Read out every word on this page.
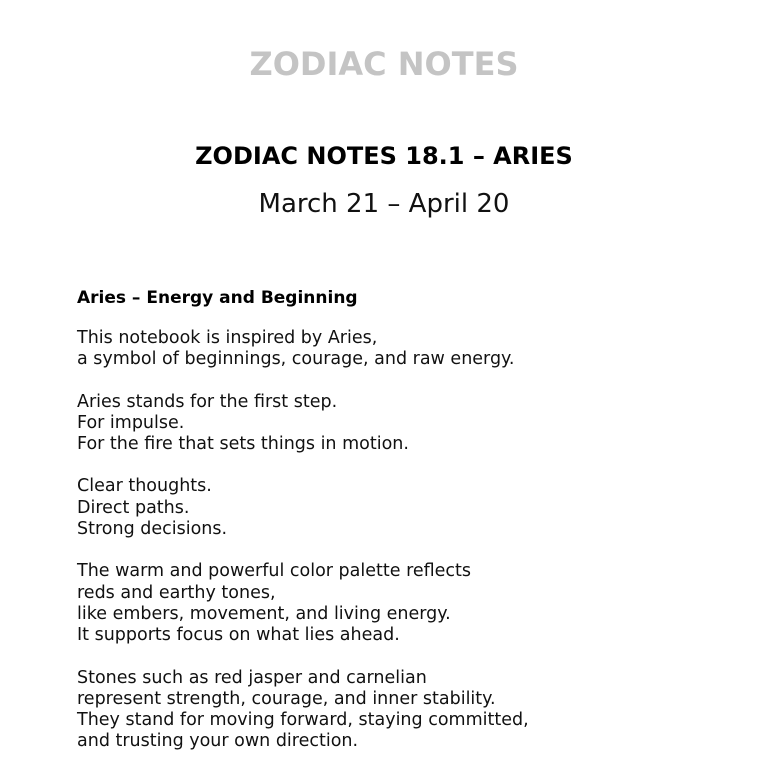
ZODIAC NOTES
ZODIAC NOTES 18.1 – ARIES
March 21 – April 20
Aries – Energy and Beginning
This notebook is inspired by Aries,
a symbol of beginnings, courage, and raw energy.
Aries stands for the first step.
For impulse.
For the fire that sets things in motion.
Clear thoughts.
Direct paths.
Strong decisions.
The warm and powerful color palette reflects
reds and earthy tones,
like embers, movement, and living energy.
It supports focus on what lies ahead.
Stones such as red jasper and carnelian
represent strength, courage, and inner stability.
They stand for moving forward, staying committed,
and trusting your own direction.
